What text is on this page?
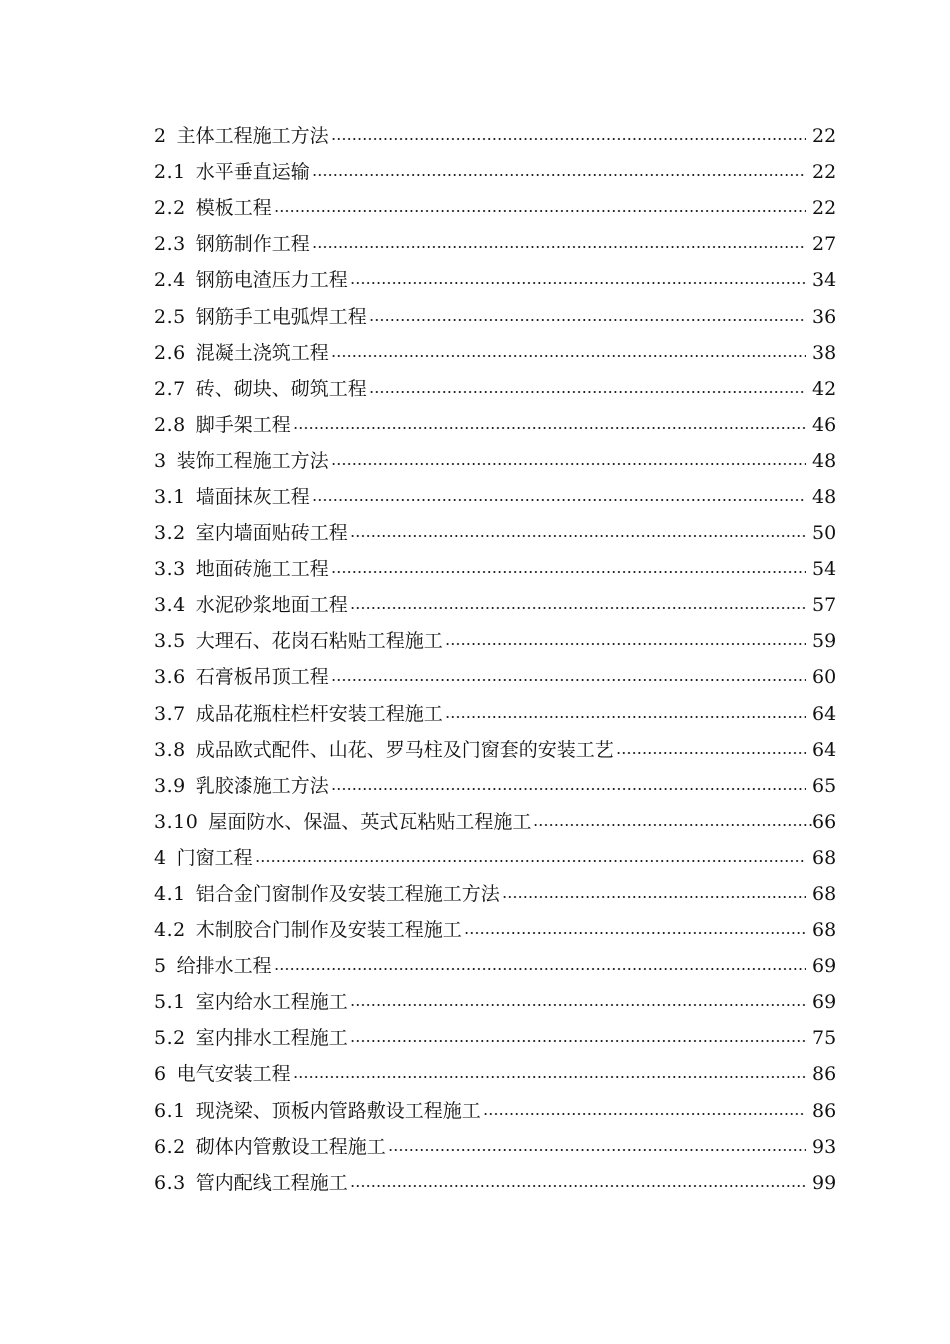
2 主体工程施工方法	22
2.1 水平垂直运输	22
2.2 模板工程	22
2.3 钢筋制作工程	27
2.4 钢筋电渣压力工程	34
2.5 钢筋手工电弧焊工程	36
2.6 混凝土浇筑工程	38
2.7 砖、砌块、砌筑工程	42
2.8 脚手架工程	46
3 装饰工程施工方法	48
3.1 墙面抹灰工程	48
3.2 室内墙面贴砖工程	50
3.3 地面砖施工工程	54
3.4 水泥砂浆地面工程	57
3.5 大理石、花岗石粘贴工程施工	59
3.6 石膏板吊顶工程	60
3.7 成品花瓶柱栏杆安装工程施工	64
3.8 成品欧式配件、山花、罗马柱及门窗套的安装工艺	64
3.9 乳胶漆施工方法	65
3.10 屋面防水、保温、英式瓦粘贴工程施工	66
4 门窗工程	68
4.1 铝合金门窗制作及安装工程施工方法	68
4.2 木制胶合门制作及安装工程施工	68
5 给排水工程	69
5.1 室内给水工程施工	69
5.2 室内排水工程施工	75
6 电气安装工程	86
6.1 现浇梁、顶板内管路敷设工程施工	86
6.2 砌体内管敷设工程施工	93
6.3 管内配线工程施工	99
